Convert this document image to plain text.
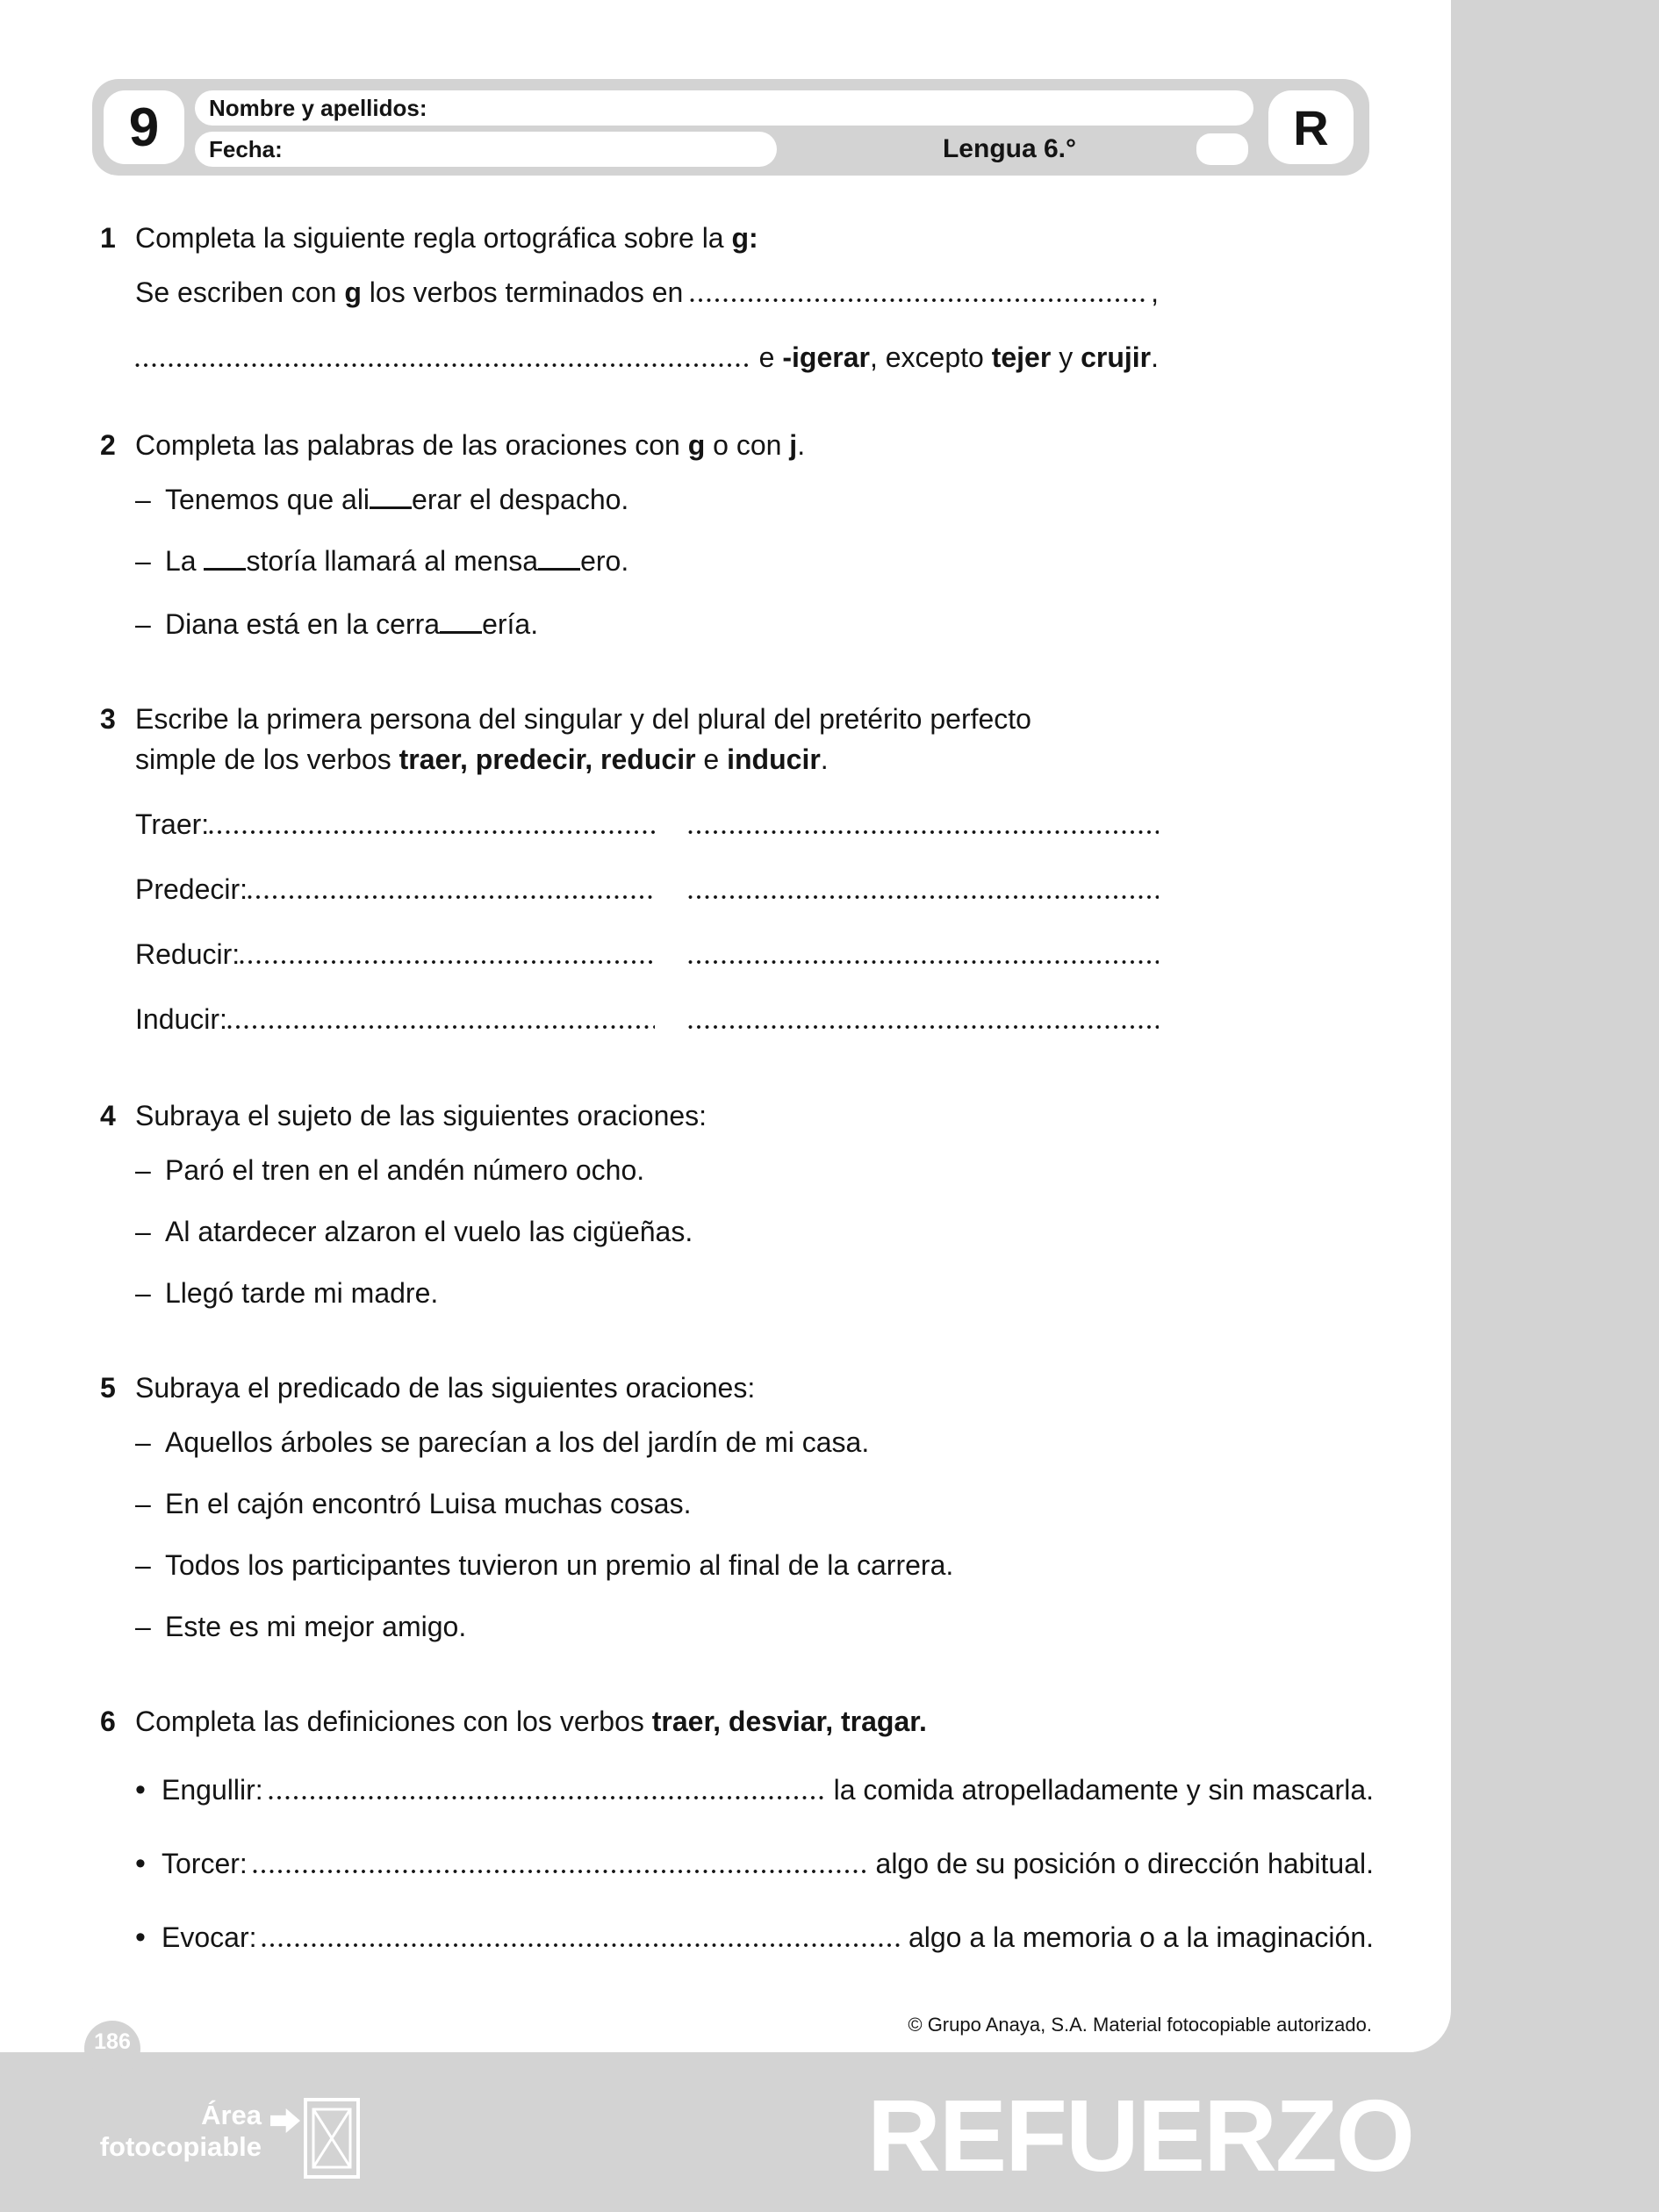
9 Nombre y apellidos:
Fecha:	Lengua 6.°	R
1 Completa la siguiente regla ortográfica sobre la g:
Se escriben con g los verbos terminados en	,
e -igerar, excepto tejer y crujir.
2 Completa las palabras de las oraciones con g o con j.
– Tenemos que ali erar el despacho.
– La storía llamará al mensa ero.
– Diana está en la cerra ería.
3 Escribe la primera persona del singular y del plural del pretérito perfecto
simple de los verbos traer, predecir, reducir e inducir.
Traer:
Predecir:
Reducir:
Inducir:
4 Subraya el sujeto de las siguientes oraciones:
– Paró el tren en el andén número ocho.
– Al atardecer alzaron el vuelo las cigüeñas.
– Llegó tarde mi madre.
5 Subraya el predicado de las siguientes oraciones:
– Aquellos árboles se parecían a los del jardín de mi casa.
– En el cajón encontró Luisa muchas cosas.
– Todos los participantes tuvieron un premio al final de la carrera.
– Este es mi mejor amigo.
6 Completa las definiciones con los verbos traer, desviar, tragar.
• Engullir:	la comida atropelladamente y sin mascarla.
• Torcer:	algo de su posición o dirección habitual.
• Evocar:	algo a la memoria o a la imaginación.
© Grupo Anaya, S.A. Material fotocopiable autorizado.
186
Área
fotocopiable	REFUERZO
